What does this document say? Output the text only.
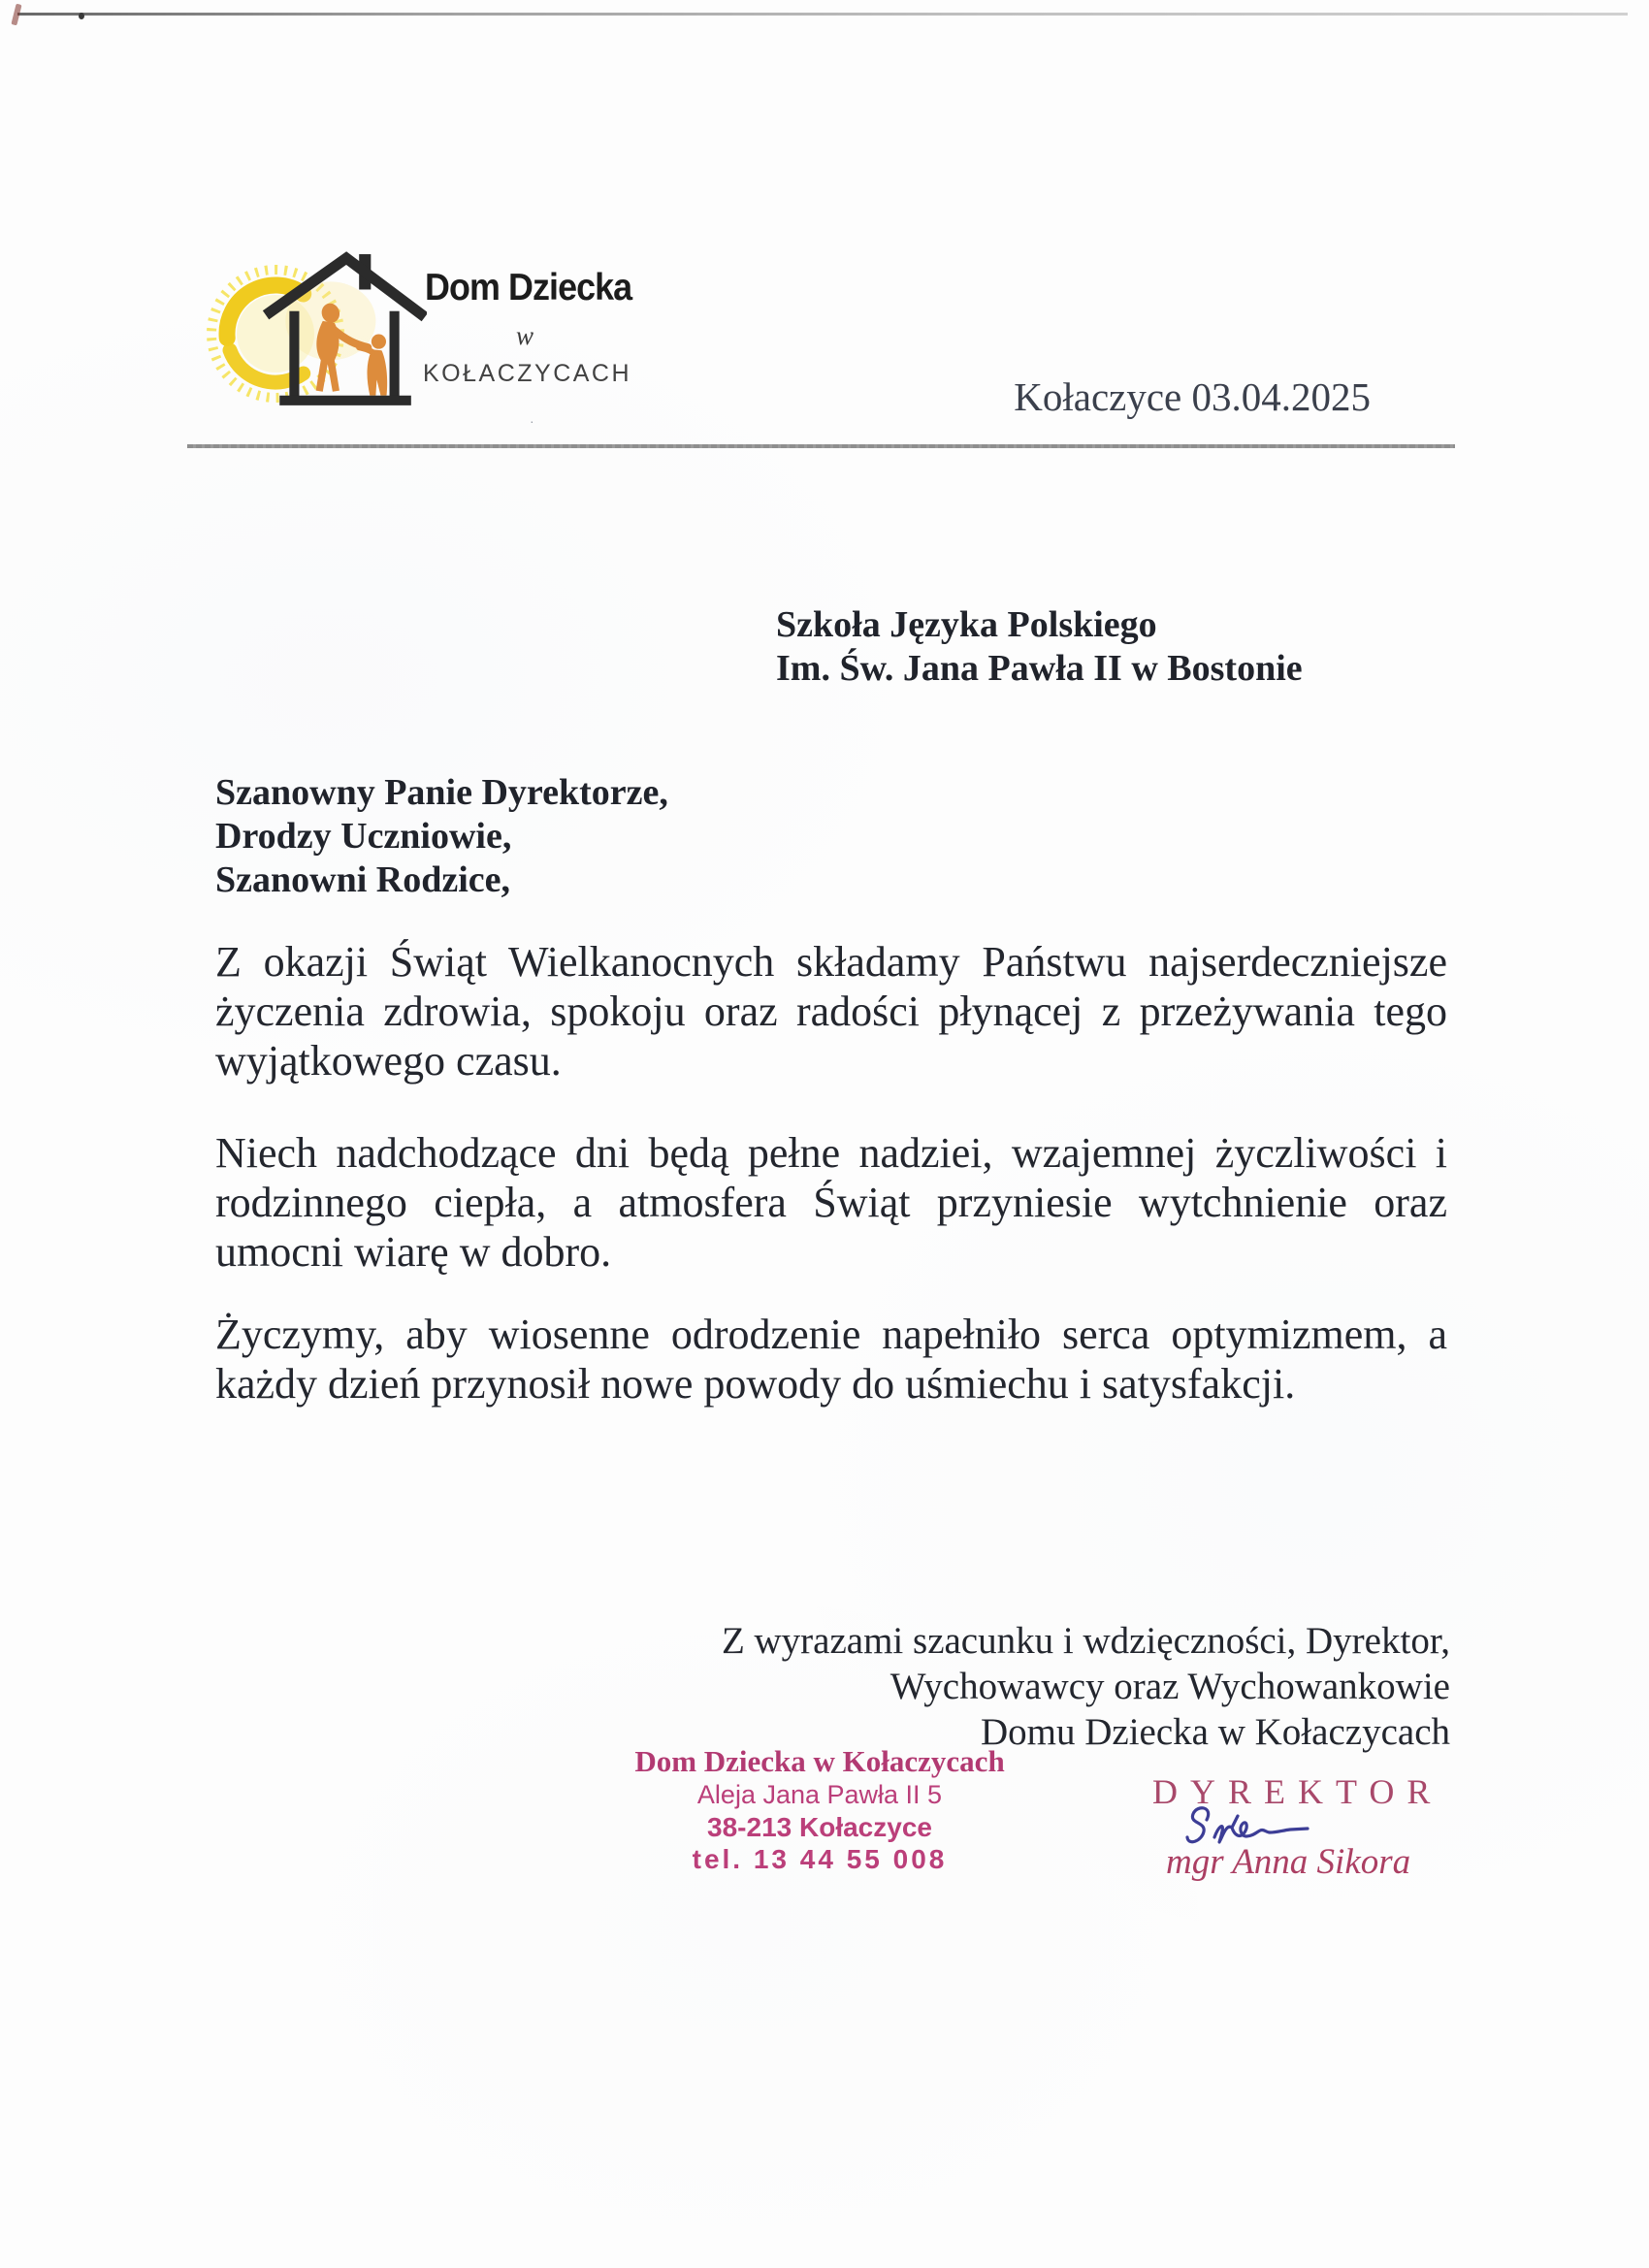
Dom Dziecka
w
KOŁACZYCACH
Kołaczyce 03.04.2025
·
Szkoła Języka Polskiego
Im. Św. Jana Pawła II w Bostonie
Szanowny Panie Dyrektorze,
Drodzy Uczniowie,
Szanowni Rodzice,
Z okazji Świąt Wielkanocnych składamy Państwu najserdeczniejsze życzenia zdrowia, spokoju oraz radości płynącej z przeżywania tego wyjątkowego czasu.
Niech nadchodzące dni będą pełne nadziei, wzajemnej życzliwości i rodzinnego ciepła, a atmosfera Świąt przyniesie wytchnienie oraz umocni wiarę w dobro.
Życzymy, aby wiosenne odrodzenie napełniło serca optymizmem, a każdy dzień przynosił nowe powody do uśmiechu i satysfakcji.
Z wyrazami szacunku i wdzięczności, Dyrektor,
Wychowawcy oraz Wychowankowie
Domu Dziecka w Kołaczycach
Dom Dziecka w Kołaczycach
Aleja Jana Pawła II 5
38-213 Kołaczyce
tel. 13 44 55 008
DYREKTOR
mgr Anna Sikora
